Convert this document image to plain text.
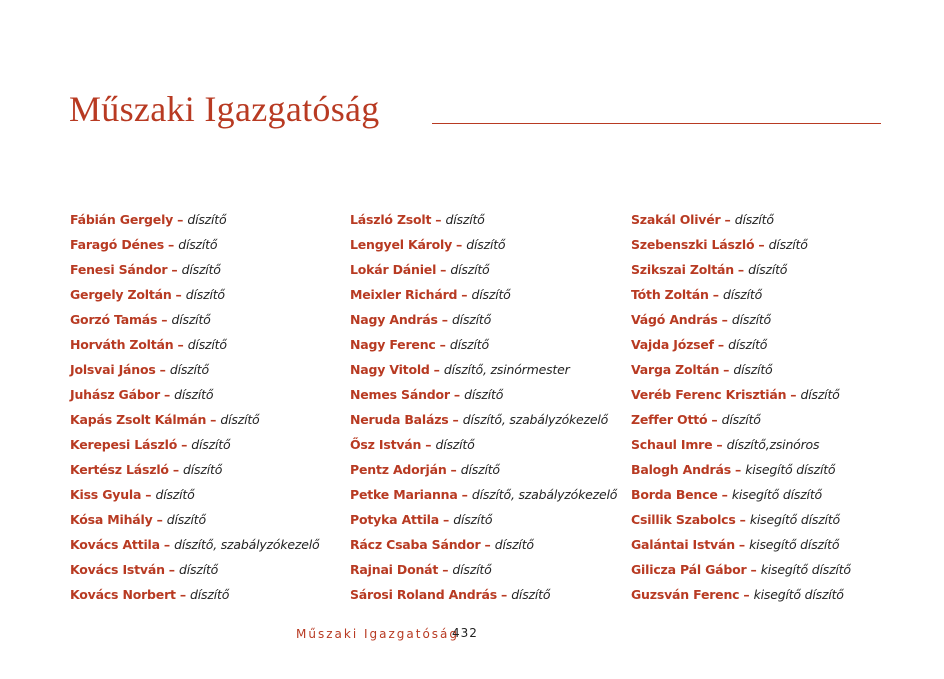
Műszaki Igazgatóság
Fábián Gergely – díszítő
Faragó Dénes – díszítő
Fenesi Sándor – díszítő
Gergely Zoltán – díszítő
Gorzó Tamás – díszítő
Horváth Zoltán – díszítő
Jolsvai János – díszítő
Juhász Gábor – díszítő
Kapás Zsolt Kálmán – díszítő
Kerepesi László – díszítő
Kertész László – díszítő
Kiss Gyula – díszítő
Kósa Mihály – díszítő
Kovács Attila – díszítő, szabályzókezelő
Kovács István – díszítő
Kovács Norbert – díszítő
László Zsolt – díszítő
Lengyel Károly – díszítő
Lokár Dániel – díszítő
Meixler Richárd – díszítő
Nagy András – díszítő
Nagy Ferenc – díszítő
Nagy Vitold – díszítő, zsinórmester
Nemes Sándor – díszítő
Neruda Balázs – díszítő, szabályzókezelő
Ősz István – díszítő
Pentz Adorján – díszítő
Petke Marianna – díszítő, szabályzókezelő
Potyka Attila – díszítő
Rácz Csaba Sándor – díszítő
Rajnai Donát – díszítő
Sárosi Roland András – díszítő
Szakál Olivér – díszítő
Szebenszki László – díszítő
Szikszai Zoltán – díszítő
Tóth Zoltán – díszítő
Vágó András – díszítő
Vajda József – díszítő
Varga Zoltán – díszítő
Veréb Ferenc Krisztián – díszítő
Zeffer Ottó – díszítő
Schaul Imre – díszítő,zsinóros
Balogh András – kisegítő díszítő
Borda Bence – kisegítő díszítő
Csillik Szabolcs – kisegítő díszítő
Galántai István – kisegítő díszítő
Gilicza Pál Gábor – kisegítő díszítő
Guzsván Ferenc – kisegítő díszítő
Műszaki Igazgatóság
432
